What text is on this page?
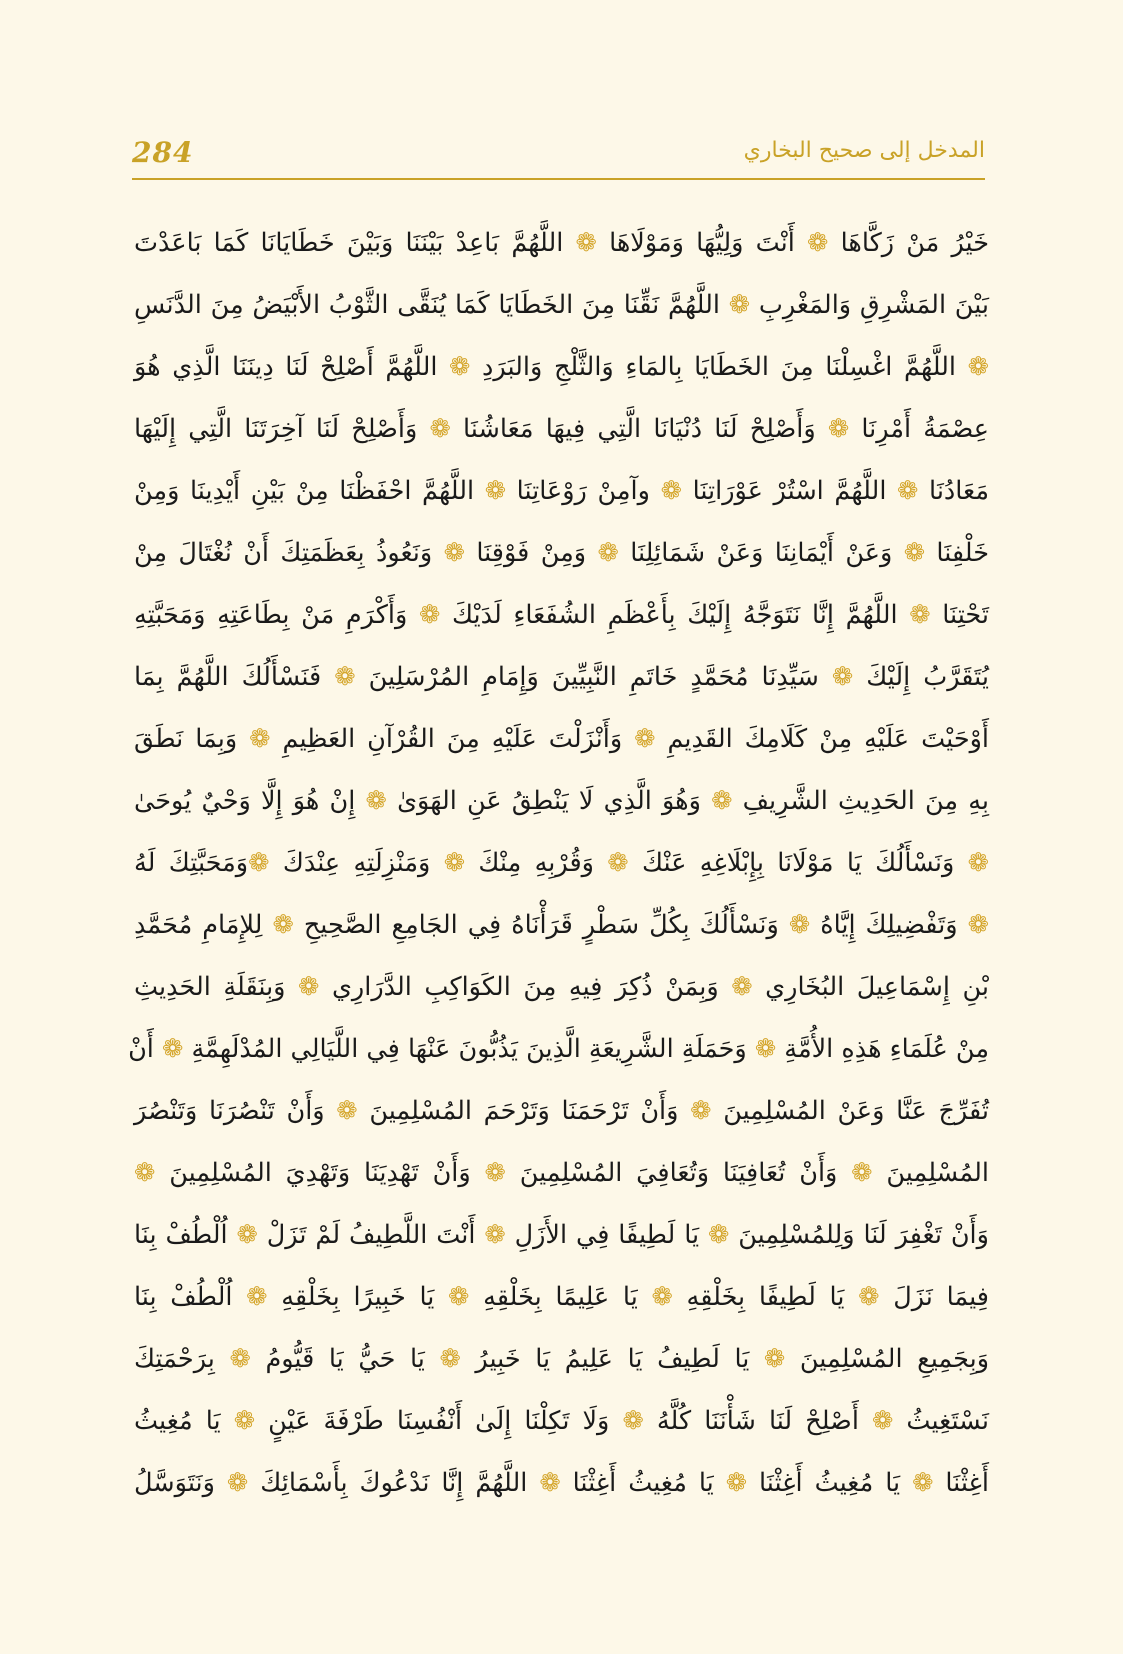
284	المدخل إلى صحيح البخاري
خَيْرُ مَنْ زَكَّاهَا ❁ أَنْتَ وَلِيُّهَا وَمَوْلَاهَا ❁ اللَّهُمَّ بَاعِدْ بَيْنَنَا وَبَيْنَ خَطَايَانَا كَمَا بَاعَدْتَ
بَيْنَ المَشْرِقِ وَالمَغْرِبِ ❁ اللَّهُمَّ نَقِّنَا مِنَ الخَطَايَا كَمَا يُنَقَّى الثَّوْبُ الأَبْيَضُ مِنَ الدَّنَسِ
❁ اللَّهُمَّ اغْسِلْنَا مِنَ الخَطَايَا بِالمَاءِ وَالثَّلْجِ وَالبَرَدِ ❁ اللَّهُمَّ أَصْلِحْ لَنَا دِينَنَا الَّذِي هُوَ
عِصْمَةُ أَمْرِنَا ❁ وَأَصْلِحْ لَنَا دُنْيَانَا الَّتِي فِيهَا مَعَاشُنَا ❁ وَأَصْلِحْ لَنَا آخِرَتَنَا الَّتِي إِلَيْهَا
مَعَادُنَا ❁ اللَّهُمَّ اسْتُرْ عَوْرَاتِنَا ❁ وآمِنْ رَوْعَاتِنَا ❁ اللَّهُمَّ احْفَظْنَا مِنْ بَيْنِ أَيْدِينَا وَمِنْ
خَلْفِنَا ❁ وَعَنْ أَيْمَانِنَا وَعَنْ شَمَائِلِنَا ❁ وَمِنْ فَوْقِنَا ❁ وَنَعُوذُ بِعَظَمَتِكَ أَنْ نُغْتَالَ مِنْ
تَحْتِنَا ❁ اللَّهُمَّ إِنَّا نَتَوَجَّهُ إِلَيْكَ بِأَعْظَمِ الشُفَعَاءِ لَدَيْكَ ❁ وَأَكْرَمِ مَنْ بِطَاعَتِهِ وَمَحَبَّتِهِ
يُتَقَرَّبُ إِلَيْكَ ❁ سَيِّدِنَا مُحَمَّدٍ خَاتَمِ النَّبِيِّينَ وَإِمَامِ المُرْسَلِينَ ❁ فَنَسْأَلُكَ اللَّهُمَّ بِمَا
أَوْحَيْتَ عَلَيْهِ مِنْ كَلَامِكَ القَدِيمِ ❁ وَأَنْزَلْتَ عَلَيْهِ مِنَ القُرْآنِ العَظِيمِ ❁ وَبِمَا نَطَقَ
بِهِ مِنَ الحَدِيثِ الشَّرِيفِ ❁ وَهُوَ الَّذِي لَا يَنْطِقُ عَنِ الهَوَىٰ ❁ إِنْ هُوَ إِلَّا وَحْيٌ يُوحَىٰ
❁ وَنَسْأَلُكَ يَا مَوْلَانَا بِإِبْلَاغِهِ عَنْكَ ❁ وَقُرْبِهِ مِنْكَ ❁ وَمَنْزِلَتِهِ عِنْدَكَ ❁وَمَحَبَّتِكَ لَهُ
❁ وَتَفْضِيلِكَ إِيَّاهُ ❁ وَنَسْأَلُكَ بِكُلِّ سَطْرٍ قَرَأْنَاهُ فِي الجَامِعِ الصَّحِيحِ ❁ لِلإِمَامِ مُحَمَّدِ
بْنِ إِسْمَاعِيلَ البُخَارِي ❁ وَبِمَنْ ذُكِرَ فِيهِ مِنَ الكَوَاكِبِ الدَّرَارِي ❁ وَبِنَقَلَةِ الحَدِيثِ
مِنْ عُلَمَاءِ هَذِهِ الأُمَّةِ ❁ وَحَمَلَةِ الشَّرِيعَةِ الَّذِينَ يَذُبُّونَ عَنْهَا فِي اللَّيَالِي المُدْلَهِمَّةِ ❁ أَنْ
تُفَرِّجَ عَنَّا وَعَنْ المُسْلِمِينَ ❁ وَأَنْ تَرْحَمَنَا وَتَرْحَمَ المُسْلِمِينَ ❁ وَأَنْ تَنْصُرَنَا وَتَنْصُرَ
المُسْلِمِينَ ❁ وَأَنْ تُعَافِيَنَا وَتُعَافِيَ المُسْلِمِينَ ❁ وَأَنْ تَهْدِيَنَا وَتَهْدِيَ المُسْلِمِينَ ❁
وَأَنْ تَغْفِرَ لَنَا وَلِلمُسْلِمِينَ ❁ يَا لَطِيفًا فِي الأَزَلِ ❁ أَنْتَ اللَّطِيفُ لَمْ تَزَلْ ❁ اُلْطُفْ بِنَا
فِيمَا نَزَلَ ❁ يَا لَطِيفًا بِخَلْقِهِ ❁ يَا عَلِيمًا بِخَلْقِهِ ❁ يَا خَبِيرًا بِخَلْقِهِ ❁ اُلْطُفْ بِنَا
وَبِجَمِيعِ المُسْلِمِينَ ❁ يَا لَطِيفُ يَا عَلِيمُ يَا خَبِيرُ ❁ يَا حَيُّ يَا قَيُّومُ ❁ بِرَحْمَتِكَ
نَسْتَغِيثُ ❁ أَصْلِحْ لَنَا شَأْنَنَا كُلَّهُ ❁ وَلَا تَكِلْنَا إِلَىٰ أَنْفُسِنَا طَرْفَةَ عَيْنٍ ❁ يَا مُغِيثُ
أَغِثْنَا ❁ يَا مُغِيثُ أَغِثْنَا ❁ يَا مُغِيثُ أَغِثْنَا ❁ اللَّهُمَّ إِنَّا نَدْعُوكَ بِأَسْمَائِكَ ❁ وَنَتَوَسَّلُ
